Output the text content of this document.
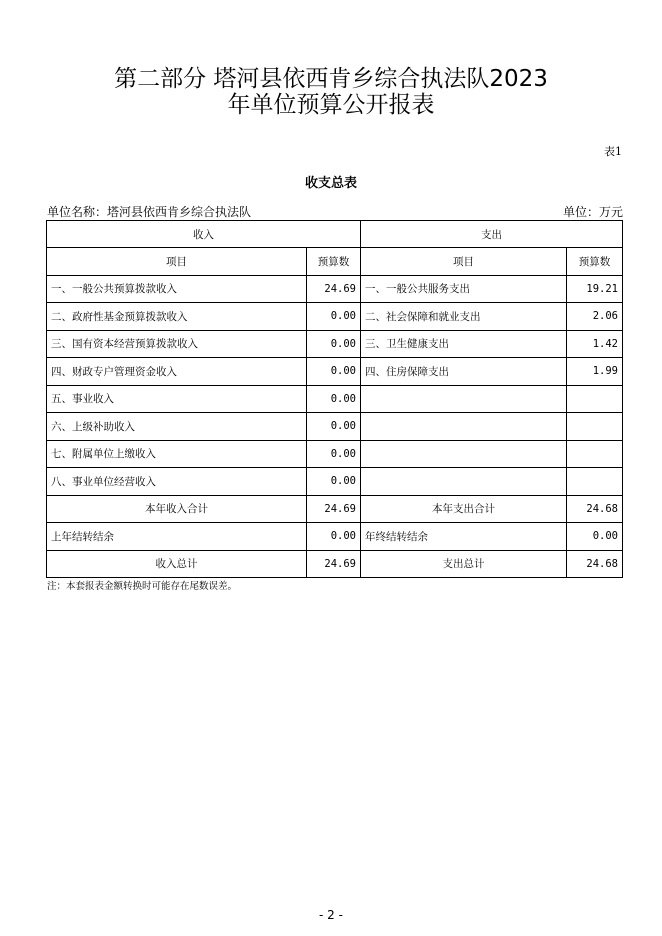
第二部分 塔河县依西肯乡综合执法队2023
年单位预算公开报表
表1
收支总表
单位名称：塔河县依西肯乡综合执法队	单位：万元
收入		支出	
项目	预算数	项目	预算数
一、一般公共预算拨款收入	24.69	一、一般公共服务支出	19.21
二、政府性基金预算拨款收入	0.00	二、社会保障和就业支出	2.06
三、国有资本经营预算拨款收入	0.00	三、卫生健康支出	1.42
四、财政专户管理资金收入	0.00	四、住房保障支出	1.99
五、事业收入	0.00		
六、上级补助收入	0.00		
七、附属单位上缴收入	0.00		
八、事业单位经营收入	0.00		
本年收入合计	24.69	本年支出合计	24.68
上年结转结余	0.00	年终结转结余	0.00
收入总计	24.69	支出总计	24.68
注：本套报表金额转换时可能存在尾数误差。
- 2 -
